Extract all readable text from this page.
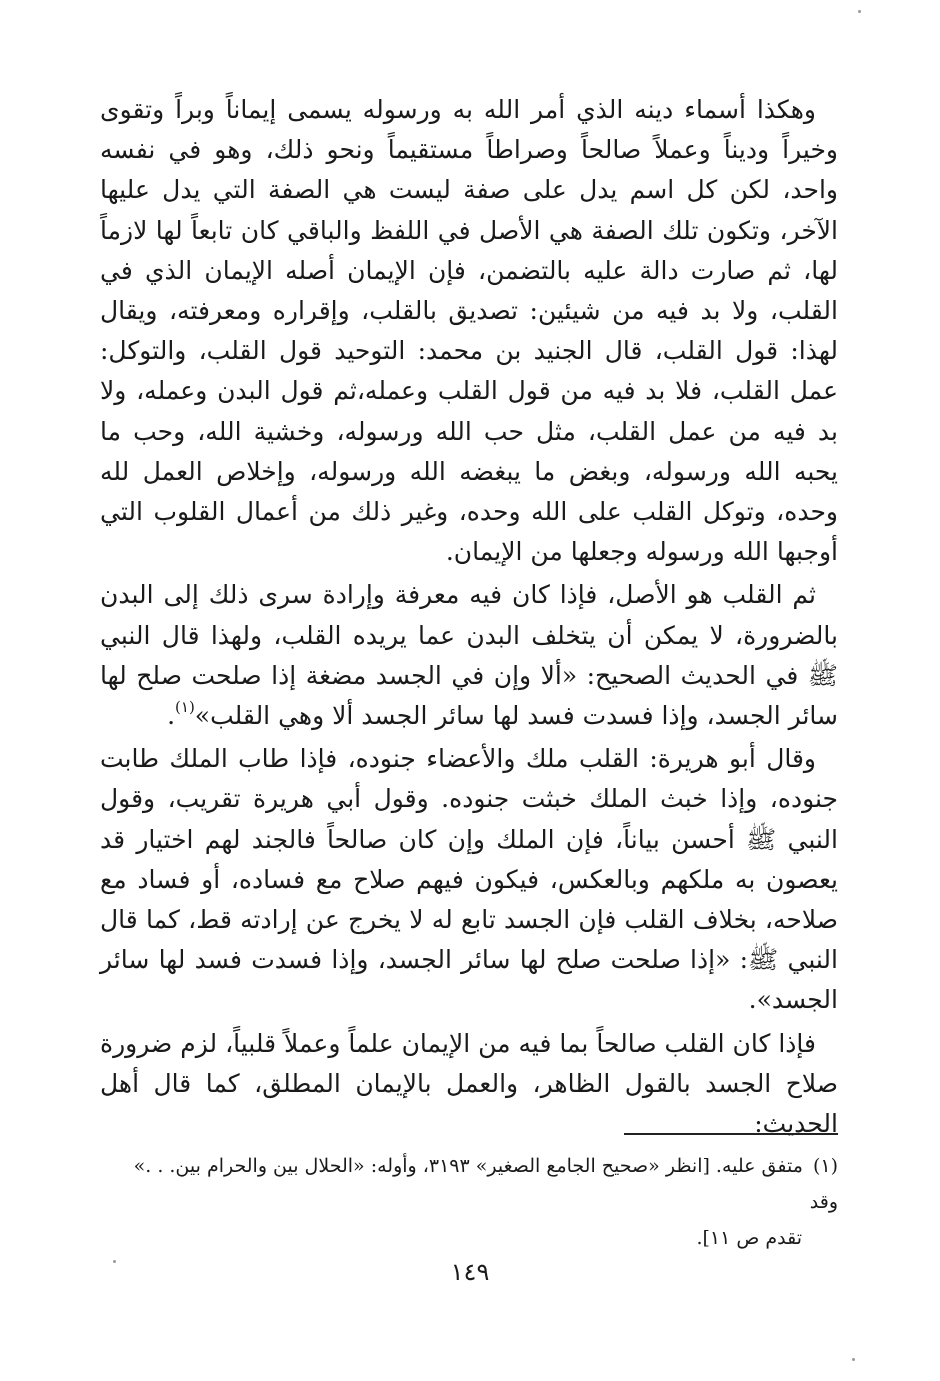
وهكذا أسماء دينه الذي أمر الله به ورسوله يسمى إيماناً وبراً وتقوى وخيراً وديناً وعملاً صالحاً وصراطاً مستقيماً ونحو ذلك، وهو في نفسه واحد، لكن كل اسم يدل على صفة ليست هي الصفة التي يدل عليها الآخر، وتكون تلك الصفة هي الأصل في اللفظ والباقي كان تابعاً لها لازماً لها، ثم صارت دالة عليه بالتضمن، فإن الإيمان أصله الإيمان الذي في القلب، ولا بد فيه من شيئين: تصديق بالقلب، وإقراره ومعرفته، ويقال لهذا: قول القلب، قال الجنيد بن محمد: التوحيد قول القلب، والتوكل: عمل القلب، فلا بد فيه من قول القلب وعمله،ثم قول البدن وعمله، ولا بد فيه من عمل القلب، مثل حب الله ورسوله، وخشية الله، وحب ما يحبه الله ورسوله، وبغض ما يبغضه الله ورسوله، وإخلاص العمل لله وحده، وتوكل القلب على الله وحده، وغير ذلك من أعمال القلوب التي أوجبها الله ورسوله وجعلها من الإيمان.

ثم القلب هو الأصل، فإذا كان فيه معرفة وإرادة سرى ذلك إلى البدن بالضرورة، لا يمكن أن يتخلف البدن عما يريده القلب، ولهذا قال النبي ﷺ في الحديث الصحيح: «ألا وإن في الجسد مضغة إذا صلحت صلح لها سائر الجسد، وإذا فسدت فسد لها سائر الجسد ألا وهي القلب»$^{(١)}$.

وقال أبو هريرة: القلب ملك والأعضاء جنوده، فإذا طاب الملك طابت جنوده، وإذا خبث الملك خبثت جنوده. وقول أبي هريرة تقريب، وقول النبي ﷺ أحسن بياناً، فإن الملك وإن كان صالحاً فالجند لهم اختيار قد يعصون به ملكهم وبالعكس، فيكون فيهم صلاح مع فساده، أو فساد مع صلاحه، بخلاف القلب فإن الجسد تابع له لا يخرج عن إرادته قط، كما قال النبي ﷺ: «إذا صلحت صلح لها سائر الجسد، وإذا فسدت فسد لها سائر الجسد».

فإذا كان القلب صالحاً بما فيه من الإيمان علماً وعملاً قلبياً، لزم ضرورة صلاح الجسد بالقول الظاهر، والعمل بالإيمان المطلق، كما قال أهل الحديث:

(١)متفق عليه. [انظر «صحيح الجامع الصغير» ٣١٩٣، وأوله: «الحلال بين والحرام بين. . .» وقد
تقدم ص ١١].
١٤٩
